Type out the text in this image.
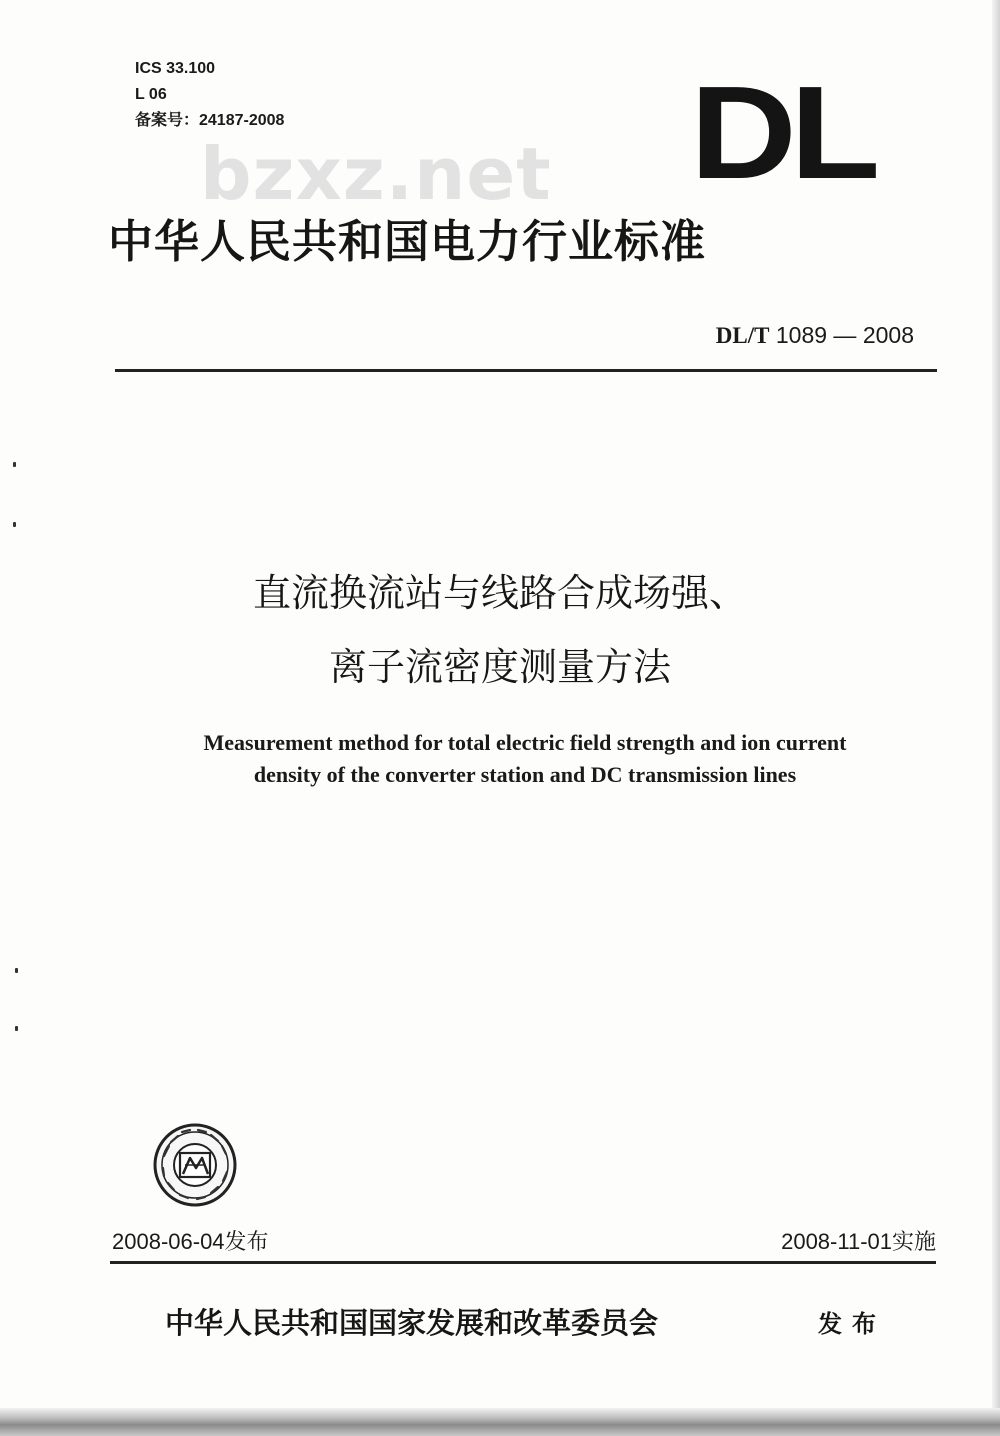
ICS 33.100
L 06
备案号：24187-2008
bzxz.net DL
中华人民共和国电力行业标准
DL/T 1089 — 2008
直流换流站与线路合成场强、
离子流密度测量方法
Measurement method for total electric field strength and ion current
density of the converter station and DC transmission lines
2008-06-04发布	2008-11-01实施
中华人民共和国国家发展和改革委员会	发布
